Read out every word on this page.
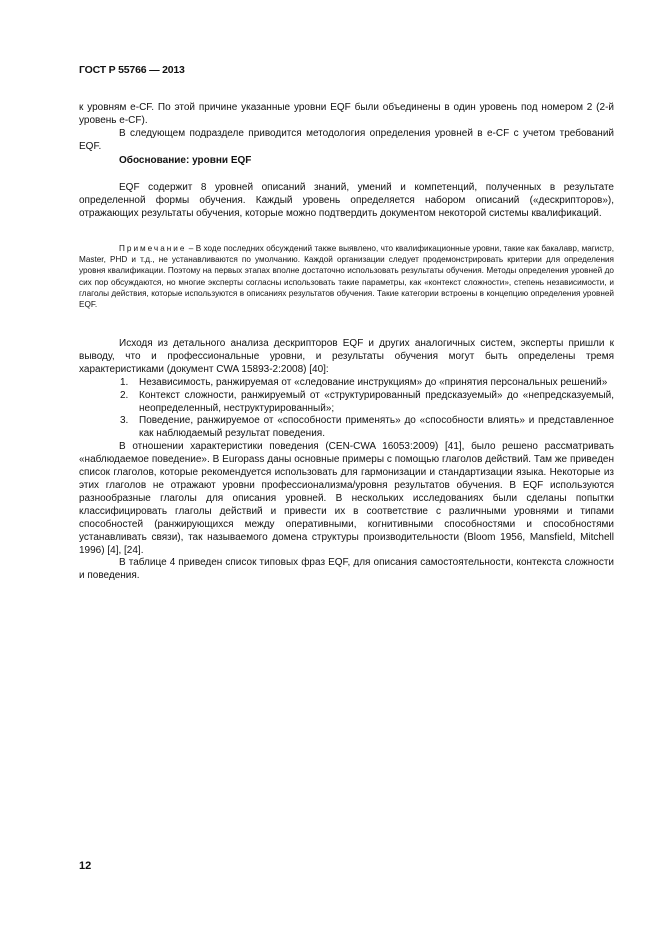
ГОСТ Р 55766 — 2013

к уровням e-CF. По этой причине указанные уровни EQF были объединены в один уровень под номером 2 (2-й уровень e-CF).

В следующем подразделе приводится методология определения уровней в e-CF с учетом требований EQF.

Обоснование: уровни EQF

EQF содержит 8 уровней описаний знаний, умений и компетенций, полученных в результате определенной формы обучения. Каждый уровень определяется набором описаний («дескрипторов»), отражающих результаты обучения, которые можно подтвердить документом некоторой системы квалификаций.

Примечание – В ходе последних обсуждений также выявлено, что квалификационные уровни, такие как бакалавр, магистр, Master, PHD и т.д., не устанавливаются по умолчанию. Каждой организации следует продемонстрировать критерии для определения уровня квалификации. Поэтому на первых этапах вполне достаточно использовать результаты обучения. Методы определения уровней до сих пор обсуждаются, но многие эксперты согласны использовать такие параметры, как «контекст сложности», степень независимости, и глаголы действия, которые используются в описаниях результатов обучения. Такие категории встроены в концепцию определения уровней EQF.

Исходя из детального анализа дескрипторов EQF и других аналогичных систем, эксперты пришли к выводу, что и профессиональные уровни, и результаты обучения могут быть определены тремя характеристиками (документ CWA 15893-2:2008) [40]:

1. Независимость, ранжируемая от «следование инструкциям» до «принятия персональных решений»

2. Контекст сложности, ранжируемый от «структурированный предсказуемый» до «непредсказуемый, неопределенный, неструктурированный»;

3. Поведение, ранжируемое от «способности применять» до «способности влиять» и представленное как наблюдаемый результат поведения.

В отношении характеристики поведения (CEN-CWA 16053:2009) [41], было решено рассматривать «наблюдаемое поведение». В Europass даны основные примеры с помощью глаголов действий. Там же приведен список глаголов, которые рекомендуется использовать для гармонизации и стандартизации языка. Некоторые из этих глаголов не отражают уровни профессионализма/уровня результатов обучения. В EQF используются разнообразные глаголы для описания уровней. В нескольких исследованиях были сделаны попытки классифицировать глаголы действий и привести их в соответствие с различными уровнями и типами способностей (ранжирующихся между оперативными, когнитивными способностями и способностями устанавливать связи), так называемого домена структуры производительности (Bloom 1956, Mansfield, Mitchell 1996) [4], [24].

В таблице 4 приведен список типовых фраз EQF, для описания самостоятельности, контекста сложности и поведения.

12
